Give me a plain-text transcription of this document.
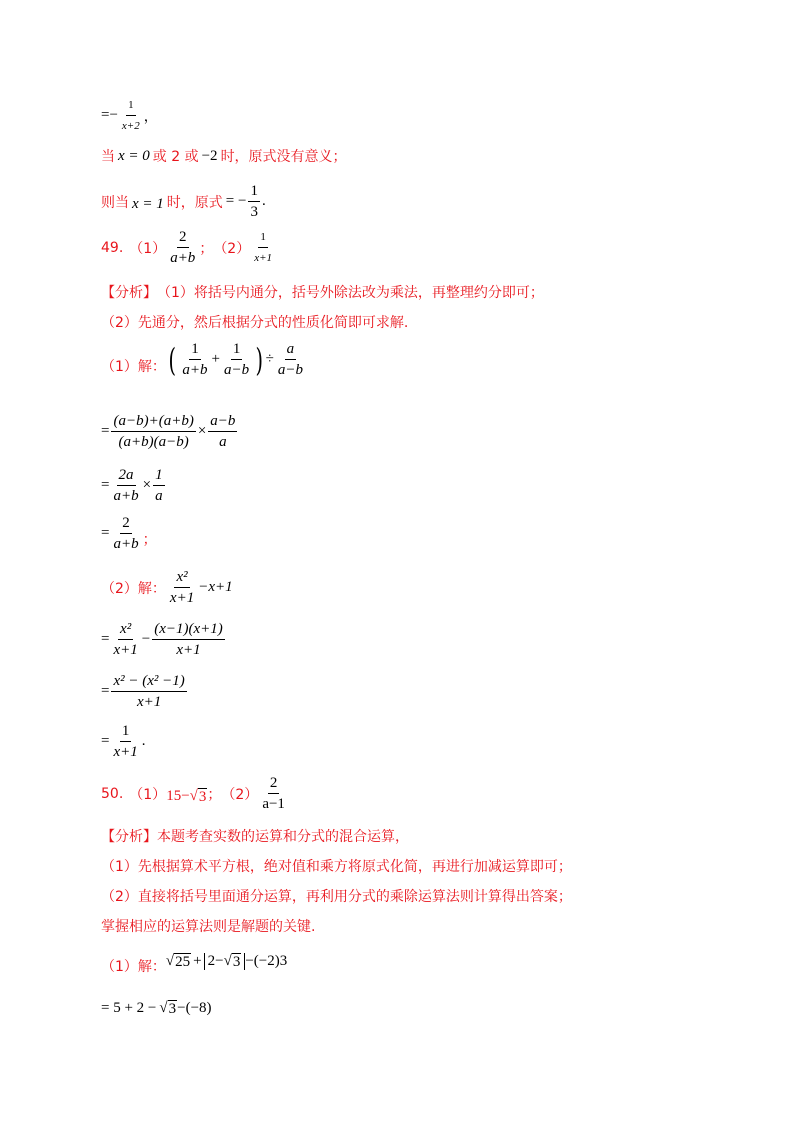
=− $\frac{1}{x+2}$ ，
当 x = 0 或 2 或 −2 时，原式没有意义；
则当 x = 1 时，原式 = − $\frac{1}{3}$ .
49. $(1) \frac{2}{a+b}$ ； $(2) \frac{1}{x+1}$
【分析】 （1）将括号内通分，括号外除法改为乘法，再整理约分即可；
（2）先通分，然后根据分式的性质化简即可求解.
（1）解： ( $\frac{1}{a+b} + \frac{1}{a-b}$ ) ÷ $\frac{a}{a-b}$
= $\frac{(a-b)+(a+b)}{(a+b)(a-b)} \times \frac{a-b}{a}$
= $\frac{2a}{a+b} \times \frac{1}{a}$
= $\frac{2}{a+b}$ ；
（2）解： $\frac{\text{x²}}{x+1} -x+1$
= $\frac{\text{x²}}{x+1} - \frac{(x-1)(x+1)}{x+1}$
= $\frac{\text{x² − (x² −1)}}{x+1}$
= $\frac{1}{x+1}$ .
50. （1） 15− √ 3 ； $(2) \frac{2}{a-1}$
【分析】 本题考查实数的运算和分式的混合运算，
（1）先根据算术平方根，绝对值和乘方将原式化简，再进行加减运算即可；
（2）直接将括号里面通分运算，再利用分式的乘除运算法则计算得出答案；
掌握相应的运算法则是解题的关键.
（1）解： √ 25 + 2− √ 3 −(−2) 3
= 5 + 2 − √ 3 −(−8)
